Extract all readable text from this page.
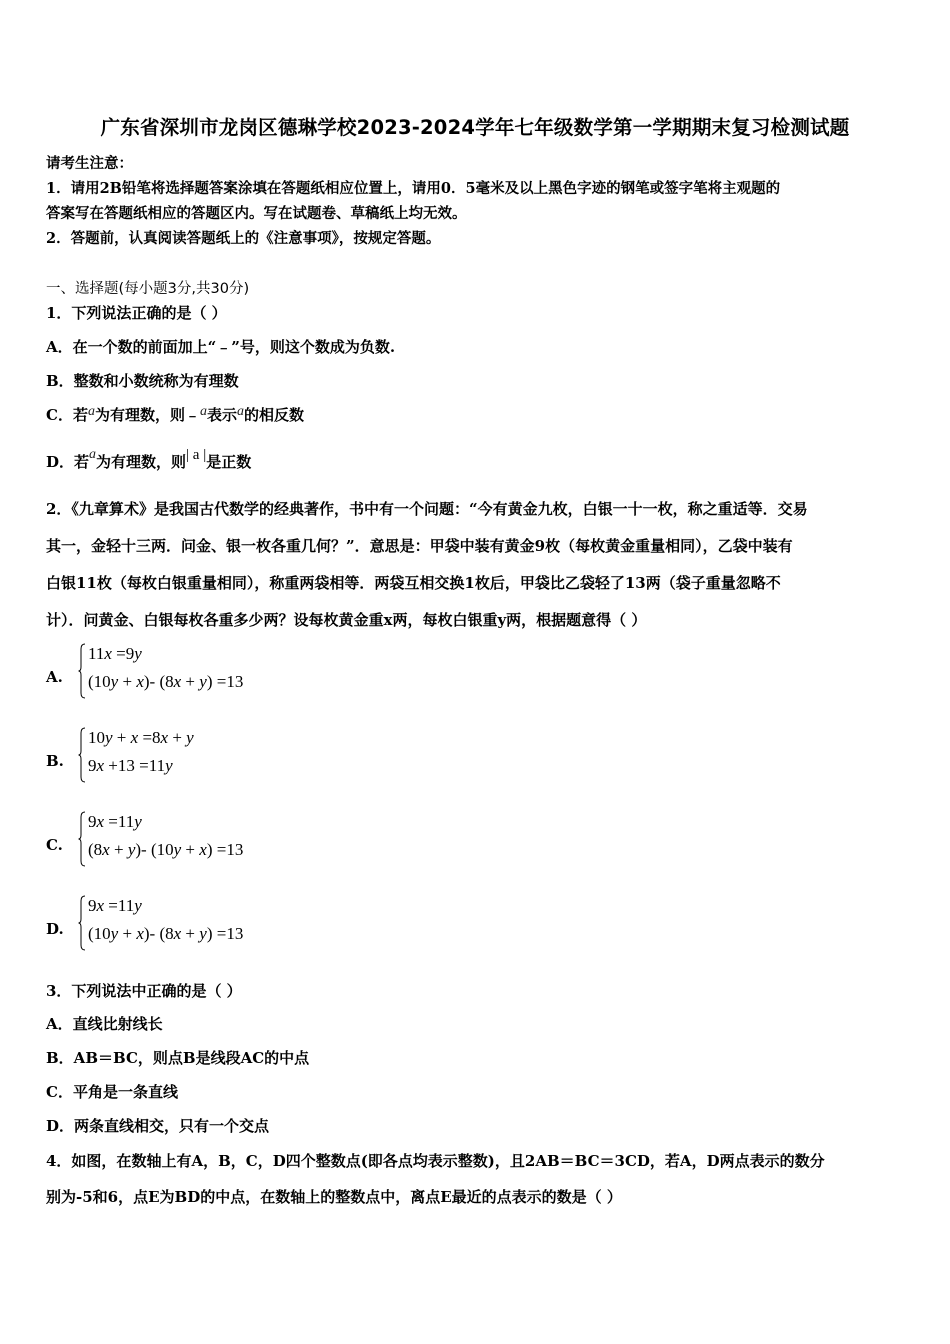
广东省深圳市龙岗区德琳学校2023-2024学年七年级数学第一学期期末复习检测试题
请考生注意：
1．请用2B铅笔将选择题答案涂填在答题纸相应位置上，请用0．5毫米及以上黑色字迹的钢笔或签字笔将主观题的
答案写在答题纸相应的答题区内。写在试题卷、草稿纸上均无效。
2．答题前，认真阅读答题纸上的《注意事项》，按规定答题。
一、选择题(每小题3分,共30分)
1．下列说法正确的是（ ）
A．在一个数的前面加上“﹣”号，则这个数成为负数.
B．整数和小数统称为有理数
C．若a为有理数，则﹣a表示a的相反数
D．若a为有理数，则| a |是正数
2．《九章算术》是我国古代数学的经典著作，书中有一个问题：“今有黄金九枚，白银一十一枚，称之重适等．交易
其一，金轻十三两．问金、银一枚各重几何？”．意思是：甲袋中装有黄金9枚（每枚黄金重量相同），乙袋中装有
白银11枚（每枚白银重量相同），称重两袋相等．两袋互相交换1枚后，甲袋比乙袋轻了13两（袋子重量忽略不
计）．问黄金、白银每枚各重多少两？设每枚黄金重x两，每枚白银重y两，根据题意得（ ）
A.
11x =9y
(10y + x)- (8x + y) =13
B.
10y + x =8x + y
9x +13 =11y
C.
9x =11y
(8x + y)- (10y + x) =13
D.
9x =11y
(10y + x)- (8x + y) =13
3．下列说法中正确的是（ ）
A．直线比射线长
B．AB＝BC，则点B是线段AC的中点
C．平角是一条直线
D．两条直线相交，只有一个交点
4．如图，在数轴上有A，B，C，D四个整数点(即各点均表示整数)，且2AB＝BC＝3CD，若A，D两点表示的数分
别为-5和6，点E为BD的中点，在数轴上的整数点中，离点E最近的点表示的数是（ ）
